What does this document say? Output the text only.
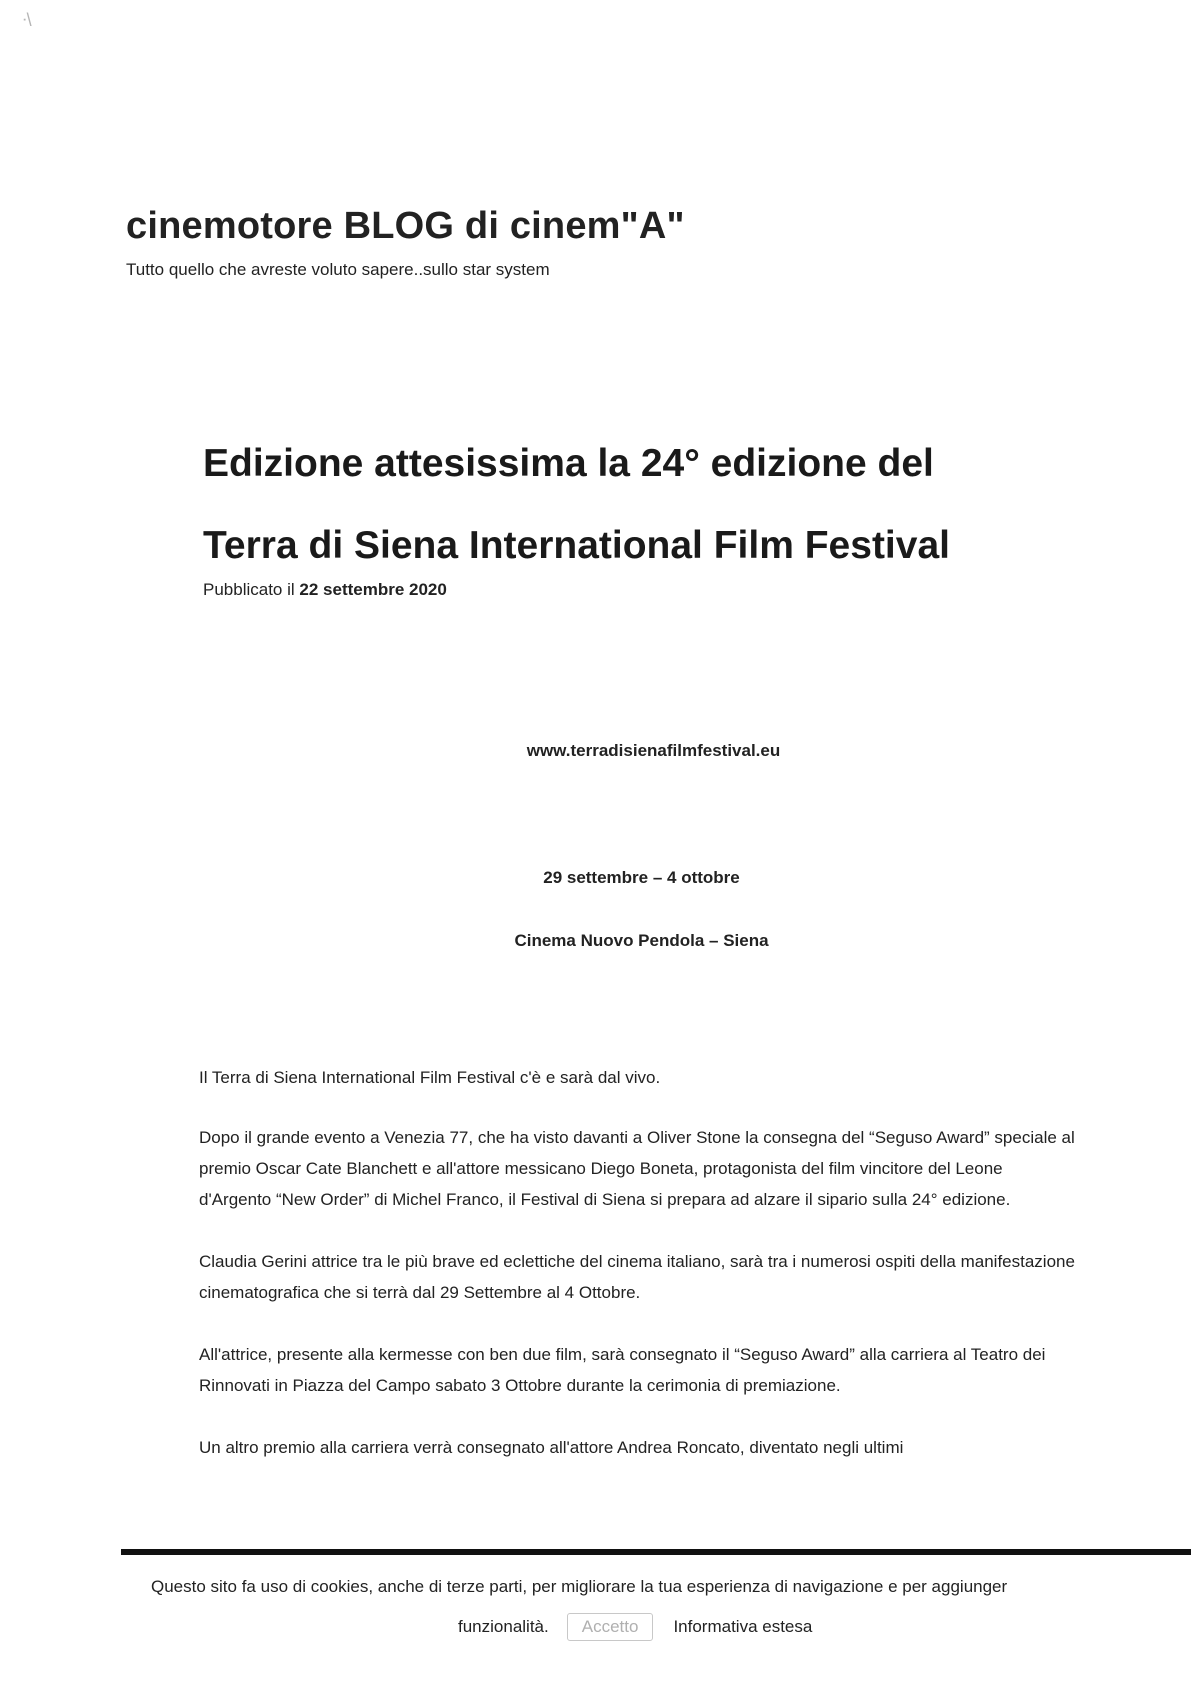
ᐧ\
cinemotore BLOG di cinem"A"
Tutto quello che avreste voluto sapere..sullo star system
Edizione attesissima la 24° edizione del
Terra di Siena International Film Festival
Pubblicato il 22 settembre 2020
www.terradisienafilmfestival.eu
29 settembre – 4 ottobre
Cinema Nuovo Pendola – Siena

Il Terra di Siena International Film Festival c'è e sarà dal vivo.

Dopo il grande evento a Venezia 77, che ha visto davanti a Oliver Stone la consegna del “Seguso Award” speciale al premio Oscar Cate Blanchett e all'attore messicano Diego Boneta, protagonista del film vincitore del Leone d'Argento “New Order” di Michel Franco, il Festival di Siena si prepara ad alzare il sipario sulla 24° edizione.

Claudia Gerini attrice tra le più brave ed eclettiche del cinema italiano, sarà tra i numerosi ospiti della manifestazione cinematografica che si terrà dal 29 Settembre al 4 Ottobre.

All'attrice, presente alla kermesse con ben due film, sarà consegnato il “Seguso Award” alla carriera al Teatro dei Rinnovati in Piazza del Campo sabato 3 Ottobre durante la cerimonia di premiazione.

Un altro premio alla carriera verrà consegnato all'attore Andrea Roncato, diventato negli ultimi

Questo sito fa uso di cookies, anche di terze parti, per migliorare la tua esperienza di navigazione e per aggiunger
funzionalità.	Accetto	Informativa estesa
